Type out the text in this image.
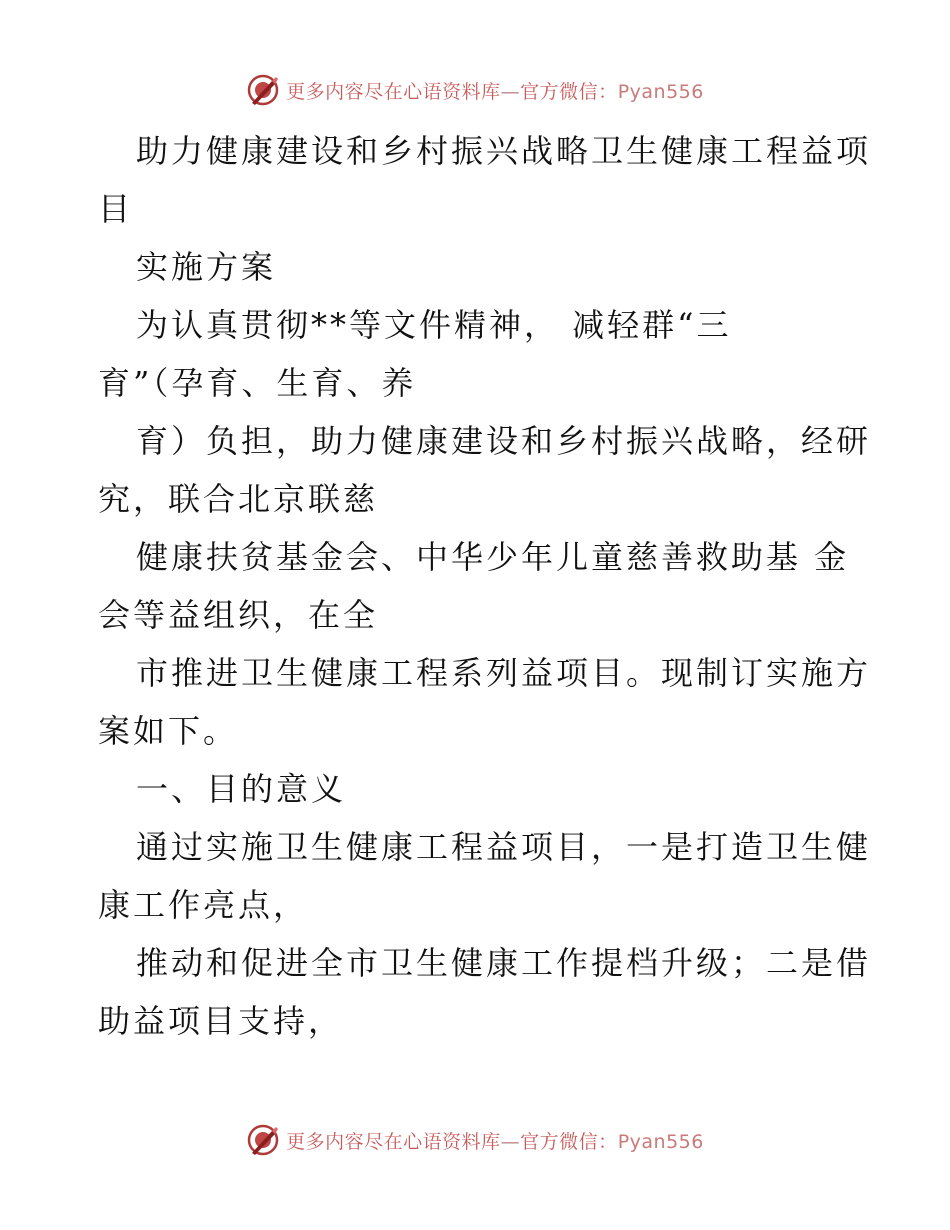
更多内容尽在心语资料库—官方微信：Pyan556
助力健康建设和乡村振兴战略卫生健康工程益项
目
实施方案
为认真贯彻**等文件精神， 减轻群“三
育”（孕育、生育、养
育）负担，助力健康建设和乡村振兴战略，经研
究，联合北京联慈
健康扶贫基金会、中华少年儿童慈善救助基 金
会等益组织，在全
市推进卫生健康工程系列益项目。现制订实施方
案如下。
一、目的意义
通过实施卫生健康工程益项目，一是打造卫生健
康工作亮点，
推动和促进全市卫生健康工作提档升级；二是借
助益项目支持，
更多内容尽在心语资料库—官方微信：Pyan556
